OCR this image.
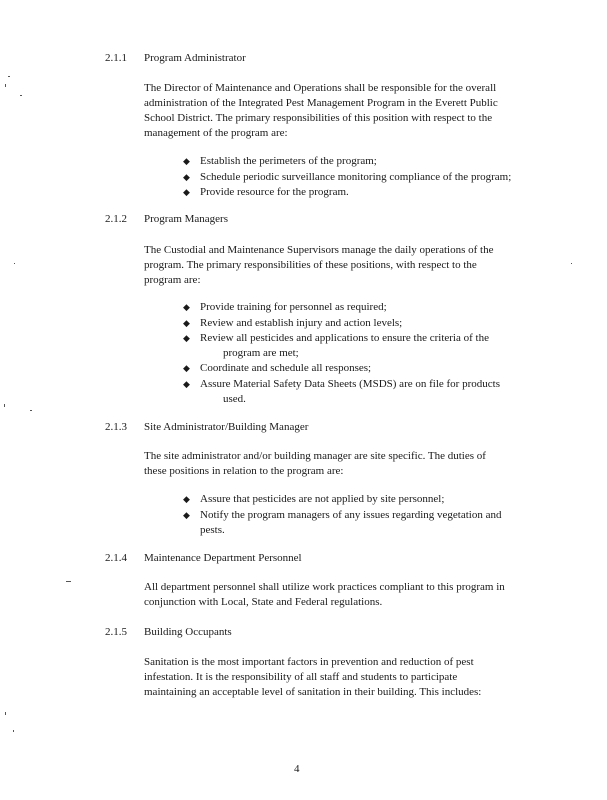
2.1.1 Program Administrator
The Director of Maintenance and Operations shall be responsible for the overall
administration of the Integrated Pest Management Program in the Everett Public
School District. The primary responsibilities of this position with respect to the
management of the program are:
◆ Establish the perimeters of the program;
◆ Schedule periodic surveillance monitoring compliance of the program;
◆ Provide resource for the program.
2.1.2 Program Managers
The Custodial and Maintenance Supervisors manage the daily operations of the
program. The primary responsibilities of these positions, with respect to the
program are:
◆ Provide training for personnel as required;
◆ Review and establish injury and action levels;
◆ Review all pesticides and applications to ensure the criteria of the
program are met;
◆ Coordinate and schedule all responses;
◆ Assure Material Safety Data Sheets (MSDS) are on file for products
used.
2.1.3 Site Administrator/Building Manager
The site administrator and/or building manager are site specific. The duties of
these positions in relation to the program are:
◆ Assure that pesticides are not applied by site personnel;
◆ Notify the program managers of any issues regarding vegetation and
pests.
2.1.4 Maintenance Department Personnel
All department personnel shall utilize work practices compliant to this program in
conjunction with Local, State and Federal regulations.
2.1.5 Building Occupants
Sanitation is the most important factors in prevention and reduction of pest
infestation. It is the responsibility of all staff and students to participate
maintaining an acceptable level of sanitation in their building. This includes:
4
